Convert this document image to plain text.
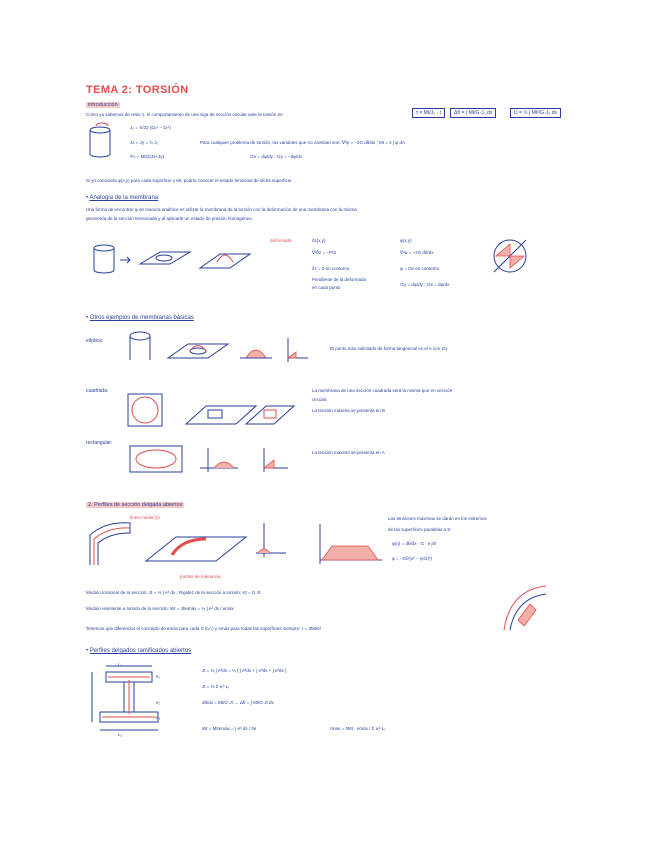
TEMA 2: TORSIÓN
introducción
Como ya sabemos de resis 1, el comportamiento de una viga de sección circular ante la torsión es:	τ = Mt/J₀ · r	Δθ = ∫ Mt/G·J₀ dx	U = ½ ∫ Mt²/G·J₀ dx
J₀ = π/32 (Dₑ⁴ − Dᵢ⁴)
Jx = Jy = ½ J₀
Ψ₀ = Mt/2(Jx+Jy)
Para cualquier problema de torsión, las variables que no cambian son: ∇²φ = −2G dθ/dx ; Mt = 2 ∫ φ dA
τzx = dφ/dy ; τzy = −dφ/dx
Si yo conociera φ(x,y) para cada superficie y Mt, podría conocer el estado tensional de dicha superficie.
• Analogía de la membrana
Una forma de encontrar φ de manera analítica es utilizar la membrana de la torsión con la deformación de una membrana con la misma
geometría de la sección tensionada y al aplicarle un estado de presión homogéneo.
deformada	δz(x,y)
∇²δz = −P/S
δz = 0 en contorno
Pendiente de la deformada en cada punto
φ(x,y)
∇²φ = −2G dθ/dx
φ = cte en contorno
τzy = dφ/dy ; τzx = dφ/dx
• Otros ejemplos de membranas básicas
elíptica:
El punto más solicitado de forma tangencial es el A con τzy
cuadrada:	La membrana de una sección cuadrada será la misma que en sección
circular.
La tensión máxima se presenta en B
rectangular:
La tensión máxima se presenta en A
2. Perfiles de sección delgada abiertos
línea media (s)
puntos de tolerancia
Las tensiones máximas se darán en los extremos
de las superficies paralelas a S:
φ(n) = dθ/dx · G · e₁/8
φ = −Gθ'(x² − (e/2)²)
Módulo torsional de la sección: Jt = ⅓ ∫ e³ ds ; Rigidez de la sección a torsión: Kt = G·Jt
Módulo resistente a torsión de la sección: Wt = Jt/emáx = ⅓ ∫ e³ ds / emáx
Tenemos que diferenciar el concepto de emáx para cada S (tₛ/ₛ) y emáx para todas las superficies siempre: τ = 3Mt/e³
• Perfiles delgados ramificados abiertos
L₁
L₂
e₁
e₂
e₃
Jt = ⅓ ∫ e³ds = ⅓ ( ∫ e³ds + ∫ e³ds + ∫ e³ds )
Jt = ⅓ Σ eᵢ³ Lᵢ
dθ/dx = Mt/G·Jt → Δθ = ∫ Mt/G·Jt dx
Wt = Mt/emáx = ∫ e³ ds / 3e	τmax = 3Mt · emáx / Σ eᵢ³ Lᵢ
